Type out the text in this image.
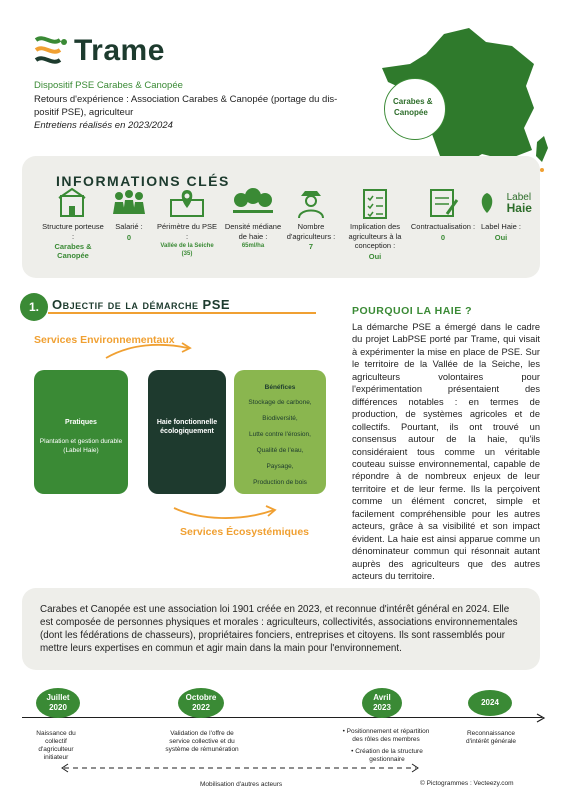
Trame
Dispositif PSE Carabes & Canopée
Retours d'expérience : Association Carabes & Canopée (portage du dis-positif PSE), agriculteur
Entretiens réalisés en 2023/2024
Carabes &
Canopée
INFORMATIONS CLÉS
Structure porteuse :
Carabes & Canopée
Salarié :
0
Périmètre du PSE :
Vallée de la Seiche (35)
Densité médiane de haie :
65ml/ha
Nombre d'agriculteurs :
7
Implication des agriculteurs à la conception :
Oui
Contractualisation :
0
Label
Haie
Label Haie :
Oui
1.	Objectif de la démarche PSE
Services Environnementaux
Pratiques
Plantation et gestion durable (Label Haie)
Haie fonctionnelle écologiquement
Bénéfices
Stockage de carbone,
Biodiversité,
Lutte contre l'érosion,
Qualité de l'eau,
Paysage,
Production de bois
Services Écosystémiques
POURQUOI LA HAIE ?
La démarche PSE a émergé dans le cadre du projet LabPSE porté par Trame, qui visait à expérimenter la mise en place de PSE. Sur le territoire de la Vallée de la Seiche, les agriculteurs volontaires pour l'expérimentation présentaient des différences notables : en termes de production, de systèmes agricoles et de collectifs. Pourtant, ils ont trouvé un consensus autour de la haie, qu'ils considéraient tous comme un véritable couteau suisse environnemental, capable de répondre à de nombreux enjeux de leur territoire et de leur ferme. Ils la perçoivent comme un élément concret, simple et facilement compréhensible pour les autres acteurs, grâce à sa visibilité et son impact évident. La haie est ainsi apparue comme un dénominateur commun qui résonnait autant auprès des agriculteurs que des autres acteurs du territoire.
Carabes et Canopée est une association loi 1901 créée en 2023, et reconnue d'intérêt général en 2024. Elle est composée de personnes physiques et morales : agriculteurs, collectivités, associations environnementales (dont les fédérations de chasseurs), propriétaires fonciers, entreprises et citoyens. Ils sont rassemblés pour mettre leurs expertises en commun et agir main dans la main pour l'environnement.
Juillet
2020
Naissance du collectif d'agriculteur initiateur
Octobre
2022
Validation de l'offre de service collective et du système de rémunération
Avril
2023
• Positionnement et répartition des rôles des membres
• Création de la structure gestionnaire
2024
Reconnaissance d'intérêt générale
Mobilisation d'autres acteurs	© Pictogrammes : Vecteezy.com
